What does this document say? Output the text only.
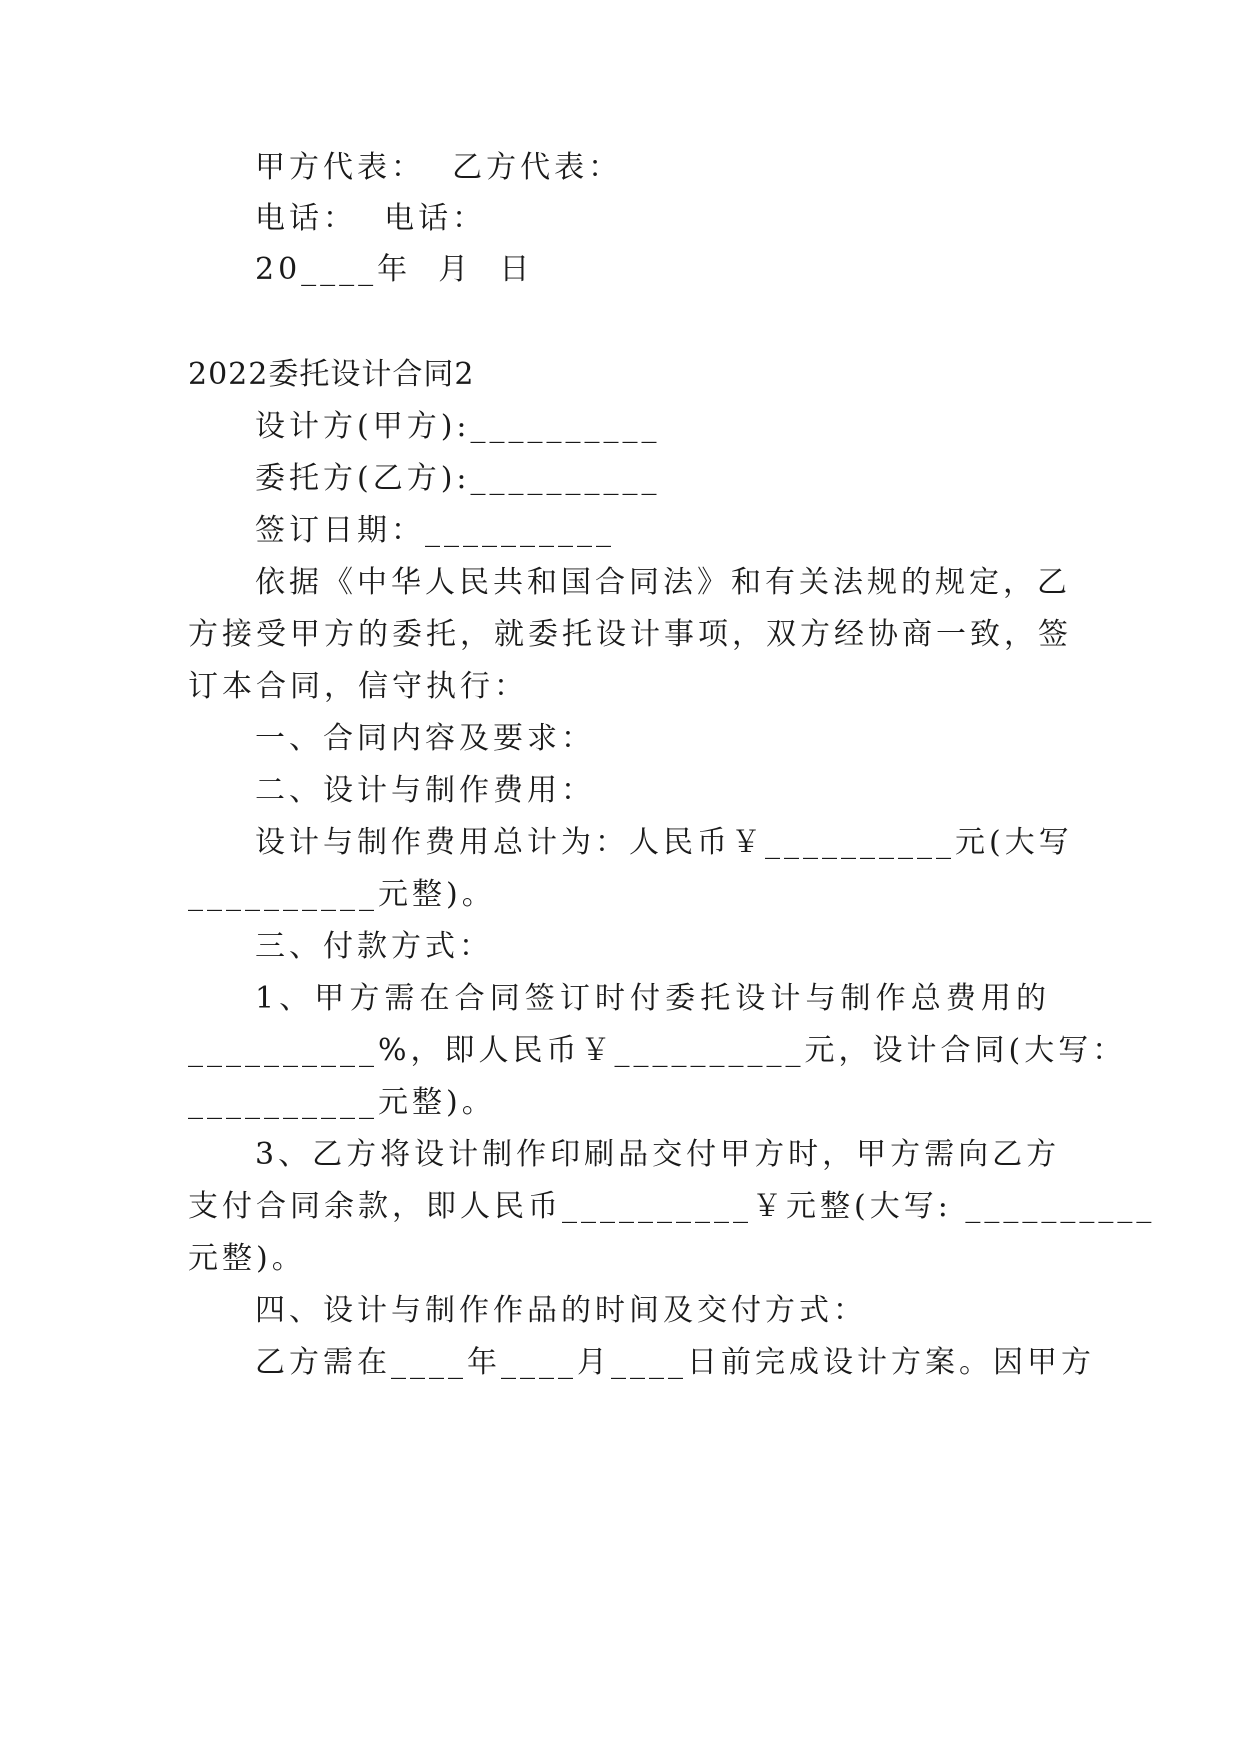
甲方代表：  乙方代表：
电话：  电话：
20____年  月  日
2022委托设计合同2
设计方(甲方):__________
委托方(乙方):__________
签订日期：__________
依据《中华人民共和国合同法》和有关法规的规定，乙
方接受甲方的委托，就委托设计事项，双方经协商一致，签
订本合同，信守执行：
一、合同内容及要求：
二、设计与制作费用：
设计与制作费用总计为：人民币￥__________元(大写
__________元整)。
三、付款方式：
1、甲方需在合同签订时付委托设计与制作总费用的
__________%，即人民币￥__________元，设计合同(大写：
__________元整)。
3、乙方将设计制作印刷品交付甲方时，甲方需向乙方
支付合同余款，即人民币__________￥元整(大写: __________
元整)。
四、设计与制作作品的时间及交付方式：
乙方需在____年____月____日前完成设计方案。因甲方
